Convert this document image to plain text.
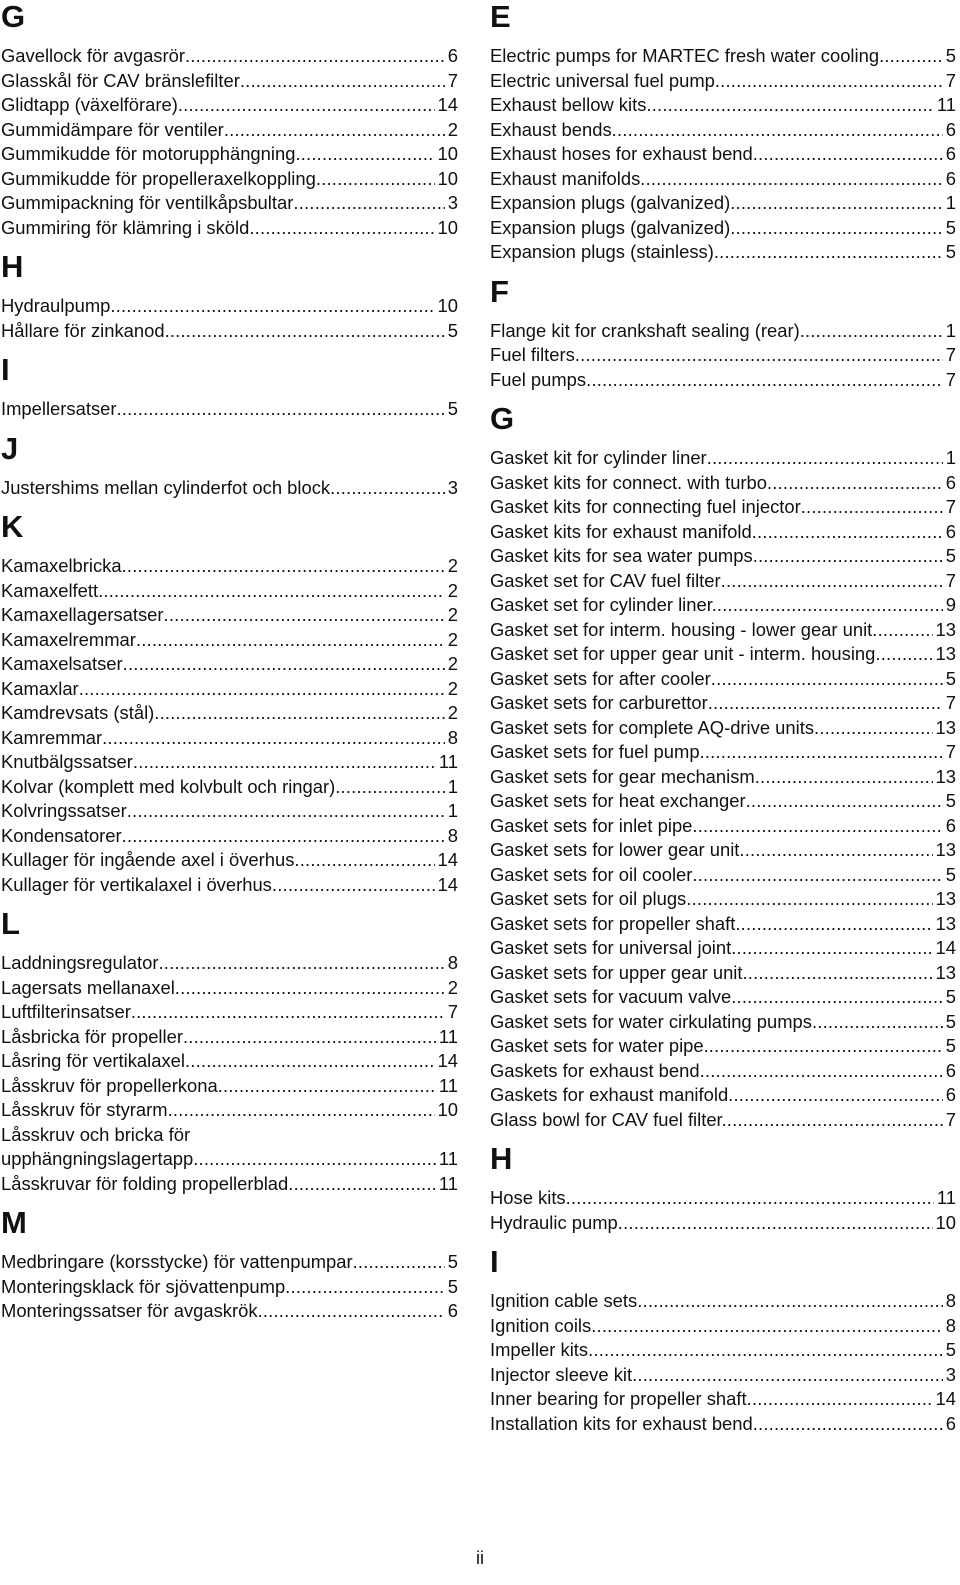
G
Gavellock för avgasrör .....	6
Glasskål för CAV bränslefilter .....	7
Glidtapp (växelförare) .....	14
Gummidämpare för ventiler .....	2
Gummikudde för motorupphängning .....	10
Gummikudde för propelleraxelkoppling .....	10
Gummipackning för ventilkåpsbultar .....	3
Gummiring för klämring i sköld .....	10
H
Hydraulpump .....	10
Hållare för zinkanod .....	5
I
Impellersatser .....	5
J
Justershims mellan cylinderfot och block .....	3
K
Kamaxelbricka .....	2
Kamaxelfett .....	2
Kamaxellagersatser .....	2
Kamaxelremmar .....	2
Kamaxelsatser .....	2
Kamaxlar .....	2
Kamdrevsats (stål) .....	2
Kamremmar .....	8
Knutbälgssatser .....	11
Kolvar (komplett med kolvbult och ringar) .....	1
Kolvringssatser .....	1
Kondensatorer .....	8
Kullager för ingående axel i överhus .....	14
Kullager för vertikalaxel i överhus .....	14
L
Laddningsregulator .....	8
Lagersats mellanaxel .....	2
Luftfilterinsatser .....	7
Låsbricka för propeller .....	11
Låsring för vertikalaxel .....	14
Låsskruv för propellerkona .....	11
Låsskruv för styrarm .....	10
Låsskruv och bricka för
upphängningslagertapp .....	11
Låsskruvar för folding propellerblad .....	11
M
Medbringare (korsstycke) för vattenpumpar .....	5
Monteringsklack för sjövattenpump .....	5
Monteringssatser för avgaskrök .....	6
E
Electric pumps for MARTEC fresh water cooling .....	5
Electric universal fuel pump .....	7
Exhaust bellow kits .....	11
Exhaust bends .....	6
Exhaust hoses for exhaust bend .....	6
Exhaust manifolds .....	6
Expansion plugs (galvanized) .....	1
Expansion plugs (galvanized) .....	5
Expansion plugs (stainless) .....	5
F
Flange kit for crankshaft sealing (rear) .....	1
Fuel filters .....	7
Fuel pumps .....	7
G
Gasket kit for cylinder liner .....	1
Gasket kits for connect. with turbo .....	6
Gasket kits for connecting fuel injector .....	7
Gasket kits for exhaust manifold .....	6
Gasket kits for sea water pumps .....	5
Gasket set for CAV fuel filter .....	7
Gasket set for cylinder liner. .....	9
Gasket set for interm. housing - lower gear unit .....	13
Gasket set for upper gear unit - interm. housing .....	13
Gasket sets for after cooler .....	5
Gasket sets for carburettor .....	7
Gasket sets for complete AQ-drive units .....	13
Gasket sets for fuel pump .....	7
Gasket sets for gear mechanism .....	13
Gasket sets for heat exchanger .....	5
Gasket sets for inlet pipe .....	6
Gasket sets for lower gear unit .....	13
Gasket sets for oil cooler .....	5
Gasket sets for oil plugs .....	13
Gasket sets for propeller shaft .....	13
Gasket sets for universal joint .....	14
Gasket sets for upper gear unit .....	13
Gasket sets for vacuum valve .....	5
Gasket sets for water cirkulating pumps .....	5
Gasket sets for water pipe. .....	5
Gaskets for exhaust bend .....	6
Gaskets for exhaust manifold .....	6
Glass bowl for CAV fuel filter. .....	7
H
Hose kits .....	11
Hydraulic pump .....	10
I
Ignition cable sets .....	8
Ignition coils .....	8
Impeller kits .....	5
Injector sleeve kit .....	3
Inner bearing for propeller shaft .....	14
Installation kits for exhaust bend .....	6
ii
